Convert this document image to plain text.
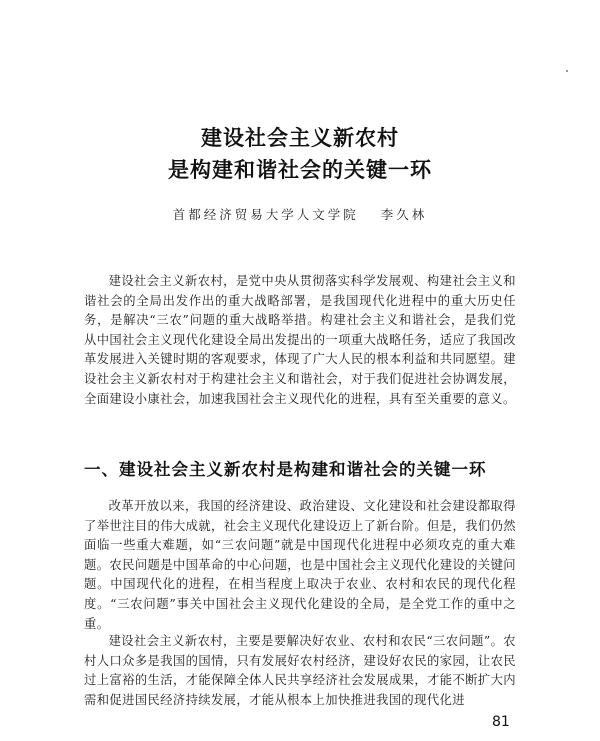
建设社会主义新农村
是构建和谐社会的关键一环
首都经济贸易大学人文学院 李久林

建设社会主义新农村，是党中央从贯彻落实科学发展观、构建社会主义和谐社会的全局出发作出的重大战略部署，是我国现代化进程中的重大历史任务，是解决“三农”问题的重大战略举措。构建社会主义和谐社会，是我们党从中国社会主义现代化建设全局出发提出的一项重大战略任务，适应了我国改革发展进入关键时期的客观要求，体现了广大人民的根本利益和共同愿望。建设社会主义新农村对于构建社会主义和谐社会，对于我们促进社会协调发展，全面建设小康社会，加速我国社会主义现代化的进程，具有至关重要的意义。

一、建设社会主义新农村是构建和谐社会的关键一环

改革开放以来，我国的经济建设、政治建设、文化建设和社会建设都取得了举世注目的伟大成就，社会主义现代化建设迈上了新台阶。但是，我们仍然面临一些重大难题，如“三农问题”就是中国现代化进程中必须攻克的重大难题。农民问题是中国革命的中心问题，也是中国社会主义现代化建设的关键问题。中国现代化的进程，在相当程度上取决于农业、农村和农民的现代化程度。“三农问题”事关中国社会主义现代化建设的全局，是全党工作的重中之重。

建设社会主义新农村，主要是要解决好农业、农村和农民“三农问题”。农村人口众多是我国的国情，只有发展好农村经济，建设好农民的家园，让农民过上富裕的生活，才能保障全体人民共享经济社会发展成果，才能不断扩大内需和促进国民经济持续发展，才能从根本上加快推进我国的现代化进

81
